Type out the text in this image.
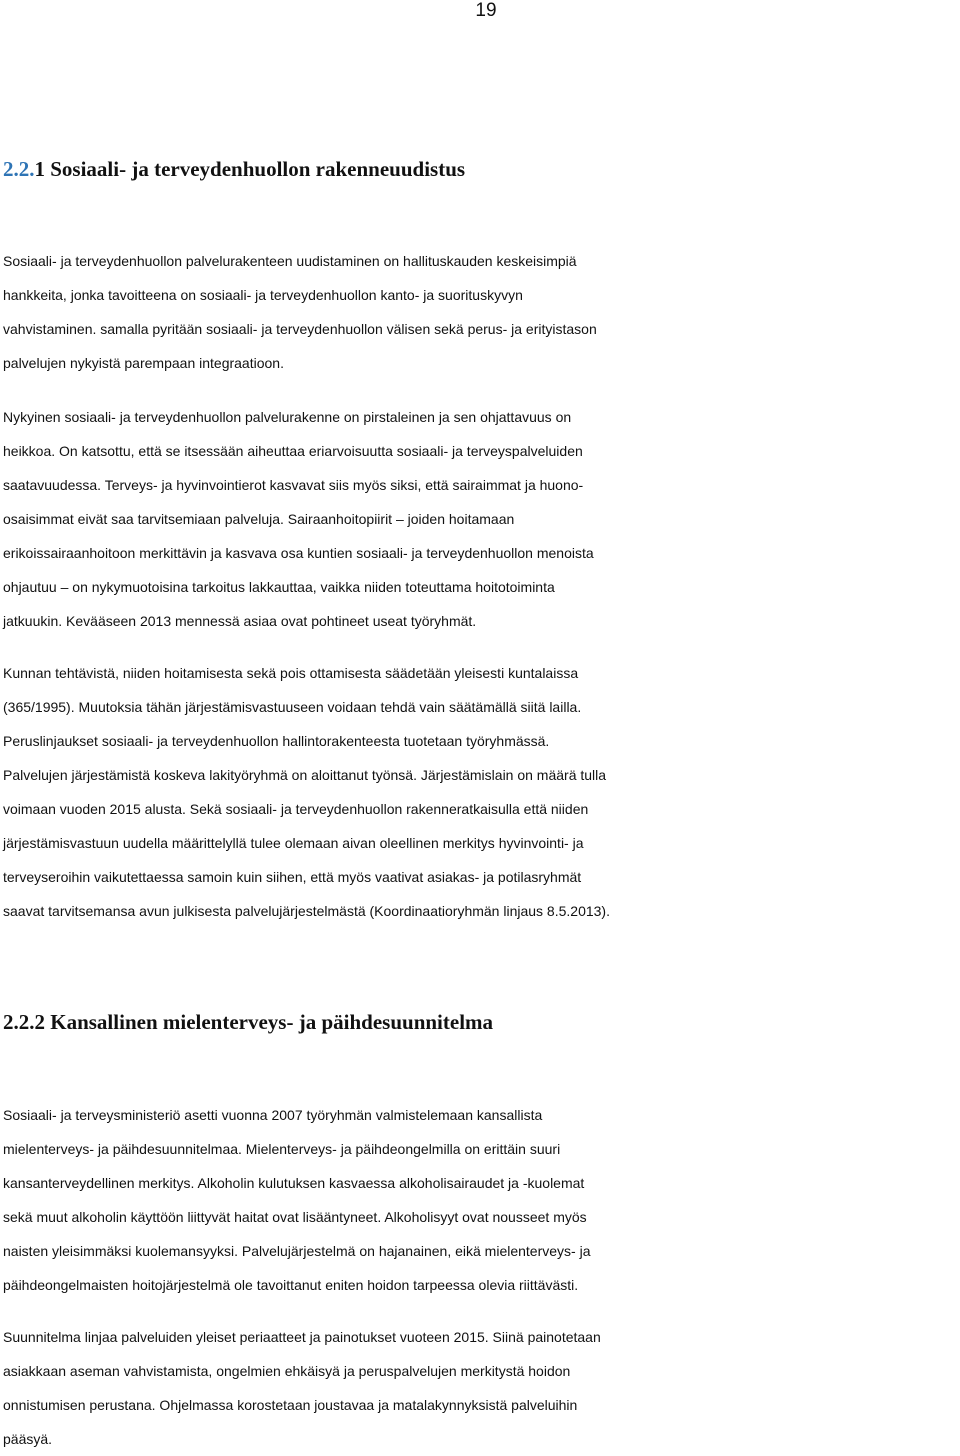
19
2.2.1 Sosiaali- ja terveydenhuollon rakenneuudistus

Sosiaali- ja terveydenhuollon palvelurakenteen uudistaminen on hallituskauden keskeisimpiä
hankkeita, jonka tavoitteena on sosiaali- ja terveydenhuollon kanto- ja suorituskyvyn
vahvistaminen. samalla pyritään sosiaali- ja terveydenhuollon välisen sekä perus- ja erityistason
palvelujen nykyistä parempaan integraatioon.

Nykyinen sosiaali- ja terveydenhuollon palvelurakenne on pirstaleinen ja sen ohjattavuus on
heikkoa. On katsottu, että se itsessään aiheuttaa eriarvoisuutta sosiaali- ja terveyspalveluiden
saatavuudessa. Terveys- ja hyvinvointierot kasvavat siis myös siksi, että sairaimmat ja huono-
osaisimmat eivät saa tarvitsemiaan palveluja. Sairaanhoitopiirit – joiden hoitamaan
erikoissairaanhoitoon merkittävin ja kasvava osa kuntien sosiaali- ja terveydenhuollon menoista
ohjautuu – on nykymuotoisina tarkoitus lakkauttaa, vaikka niiden toteuttama hoitotoiminta
jatkuukin. Kevääseen 2013 mennessä asiaa ovat pohtineet useat työryhmät.

Kunnan tehtävistä, niiden hoitamisesta sekä pois ottamisesta säädetään yleisesti kuntalaissa
(365/1995). Muutoksia tähän järjestämisvastuuseen voidaan tehdä vain säätämällä siitä lailla.
Peruslinjaukset sosiaali- ja terveydenhuollon hallintorakenteesta tuotetaan työryhmässä.
Palvelujen järjestämistä koskeva lakityöryhmä on aloittanut työnsä. Järjestämislain on määrä tulla
voimaan vuoden 2015 alusta. Sekä sosiaali- ja terveydenhuollon rakenneratkaisulla että niiden
järjestämisvastuun uudella määrittelyllä tulee olemaan aivan oleellinen merkitys hyvinvointi- ja
terveyseroihin vaikutettaessa samoin kuin siihen, että myös vaativat asiakas- ja potilasryhmät
saavat tarvitsemansa avun julkisesta palvelujärjestelmästä (Koordinaatioryhmän linjaus 8.5.2013).

2.2.2 Kansallinen mielenterveys- ja päihdesuunnitelma

Sosiaali- ja terveysministeriö asetti vuonna 2007 työryhmän valmistelemaan kansallista
mielenterveys- ja päihdesuunnitelmaa. Mielenterveys- ja päihdeongelmilla on erittäin suuri
kansanterveydellinen merkitys. Alkoholin kulutuksen kasvaessa alkoholisairaudet ja -kuolemat
sekä muut alkoholin käyttöön liittyvät haitat ovat lisääntyneet. Alkoholisyyt ovat nousseet myös
naisten yleisimmäksi kuolemansyyksi. Palvelujärjestelmä on hajanainen, eikä mielenterveys- ja
päihdeongelmaisten hoitojärjestelmä ole tavoittanut eniten hoidon tarpeessa olevia riittävästi.

Suunnitelma linjaa palveluiden yleiset periaatteet ja painotukset vuoteen 2015. Siinä painotetaan
asiakkaan aseman vahvistamista, ongelmien ehkäisyä ja peruspalvelujen merkitystä hoidon
onnistumisen perustana. Ohjelmassa korostetaan joustavaa ja matalakynnyksistä palveluihin
pääsyä.
